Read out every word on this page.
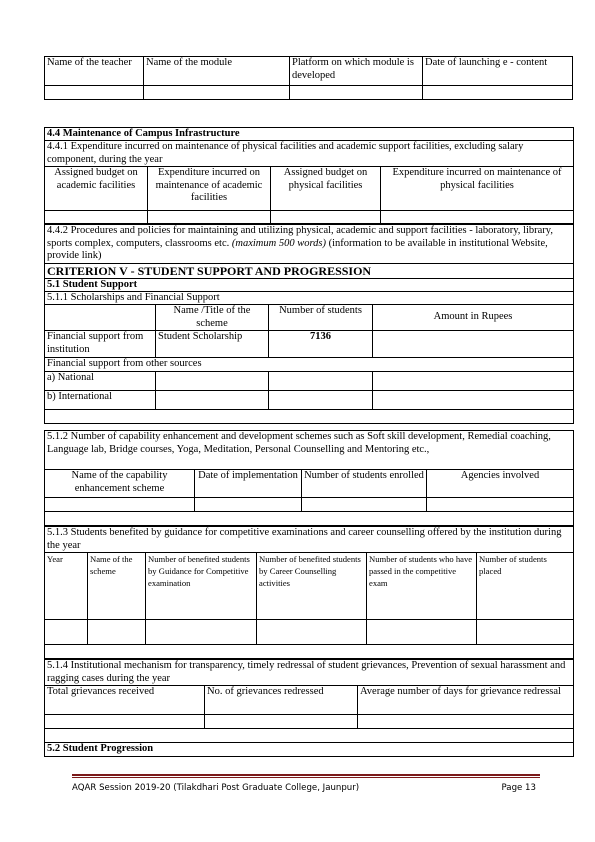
Name of the teacher	Name of the module	Platform on which module is developed	Date of launching e - content

4.4 Maintenance of Campus Infrastructure
4.4.1 Expenditure incurred on maintenance of physical facilities and academic support facilities, excluding salary component, during the year
Assigned budget on academic facilities	Expenditure incurred on maintenance of academic facilities	Assigned budget on physical facilities	Expenditure incurred on maintenance of physical facilities

4.4.2 Procedures and policies for maintaining and utilizing physical, academic and support facilities - laboratory, library, sports complex, computers, classrooms etc. (maximum 500 words) (information to be available in institutional Website, provide link)
CRITERION V - STUDENT SUPPORT AND PROGRESSION
5.1 Student Support
5.1.1 Scholarships and Financial Support
	Name /Title of the scheme	Number of students	Amount in Rupees
Financial support from institution	Student Scholarship	7136	
Financial support from other sources			
a) National			
b) International			

5.1.2 Number of capability enhancement and development schemes such as Soft skill development, Remedial coaching, Language lab, Bridge courses, Yoga, Meditation, Personal Counselling and Mentoring etc.,
Name of the capability enhancement scheme	Date of implementation	Number of students enrolled	Agencies involved

5.1.3 Students benefited by guidance for competitive examinations and career counselling offered by the institution during the year
Year	Name of the scheme	Number of benefited students by Guidance for Competitive examination	Number of benefited students by Career Counselling activities	Number of students who have passed in the competitive exam	Number of students placed

5.1.4 Institutional mechanism for transparency, timely redressal of student grievances, Prevention of sexual harassment and ragging cases during the year
Total grievances received	No. of grievances redressed	Average number of days for grievance redressal

5.2 Student Progression		
AQAR Session 2019-20 (Tilakdhari Post Graduate College, Jaunpur)	Page 13
